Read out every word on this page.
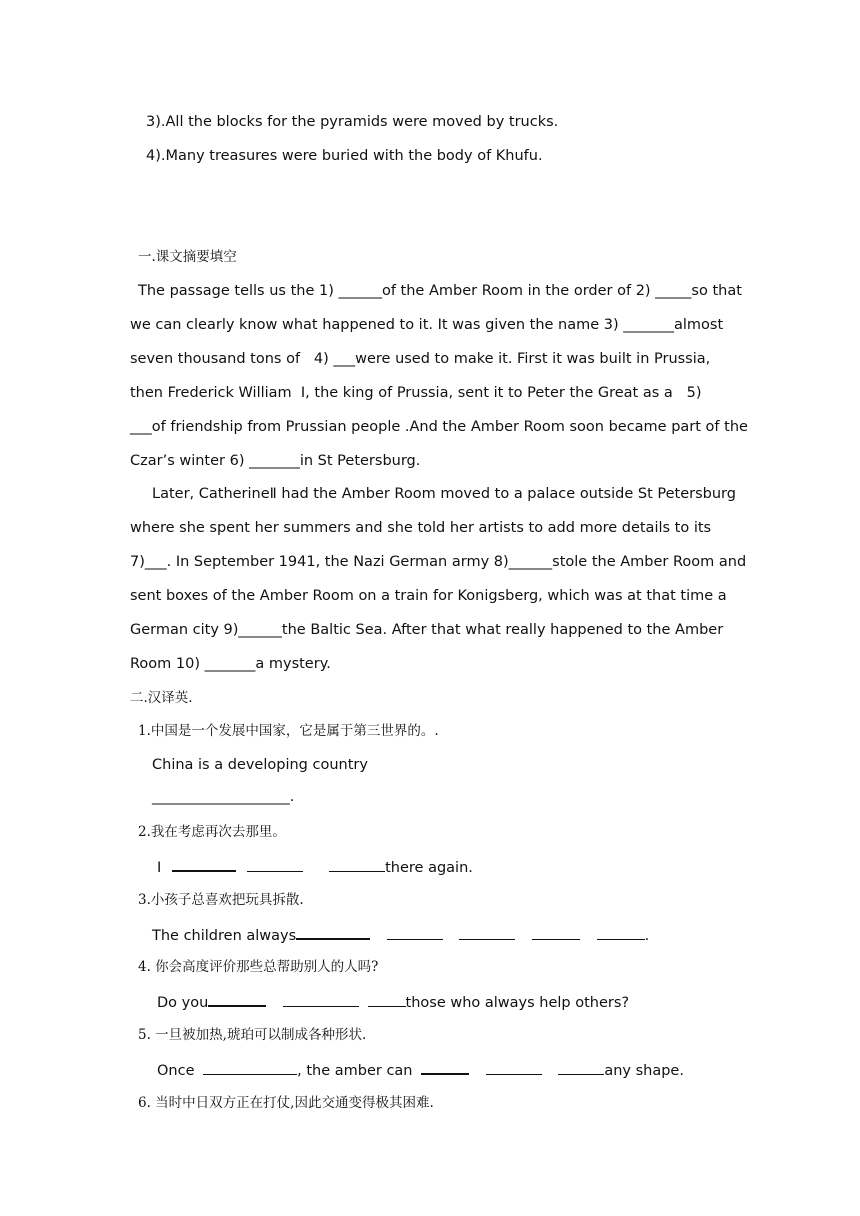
3).All the blocks for the pyramids were moved by trucks.
4).Many treasures were buried with the body of Khufu.
一.课文摘要填空
The passage tells us the 1) ______of the Amber Room in the order of 2) _____so that
we can clearly know what happened to it. It was given the name 3) _______almost
seven thousand tons of   4) ___were used to make it. First it was built in Prussia,
then Frederick William  Ⅰ, the king of Prussia, sent it to Peter the Great as a   5)
___of friendship from Prussian people .And the Amber Room soon became part of the
Czar’s winter 6) _______in St Petersburg.
Later, CatherineⅡ had the Amber Room moved to a palace outside St Petersburg
where she spent her summers and she told her artists to add more details to its
7)___. In September 1941, the Nazi German army 8)______stole the Amber Room and
sent boxes of the Amber Room on a train for Konigsberg, which was at that time a
German city 9)______the Baltic Sea. After that what really happened to the Amber
Room 10) _______a mystery.
二.汉译英.
1.中国是一个发展中国家，它是属于第三世界的。.
China is a developing country
___________________.
2.我在考虑再次去那里。
I	there again.
3.小孩子总喜欢把玩具拆散.
The children always	.
4. 你会高度评价那些总帮助别人的人吗?
Do you	those who always help others?
5. 一旦被加热,琥珀可以制成各种形状.
Once	, the amber can	any shape.
6. 当时中日双方正在打仗,因此交通变得极其困难.
